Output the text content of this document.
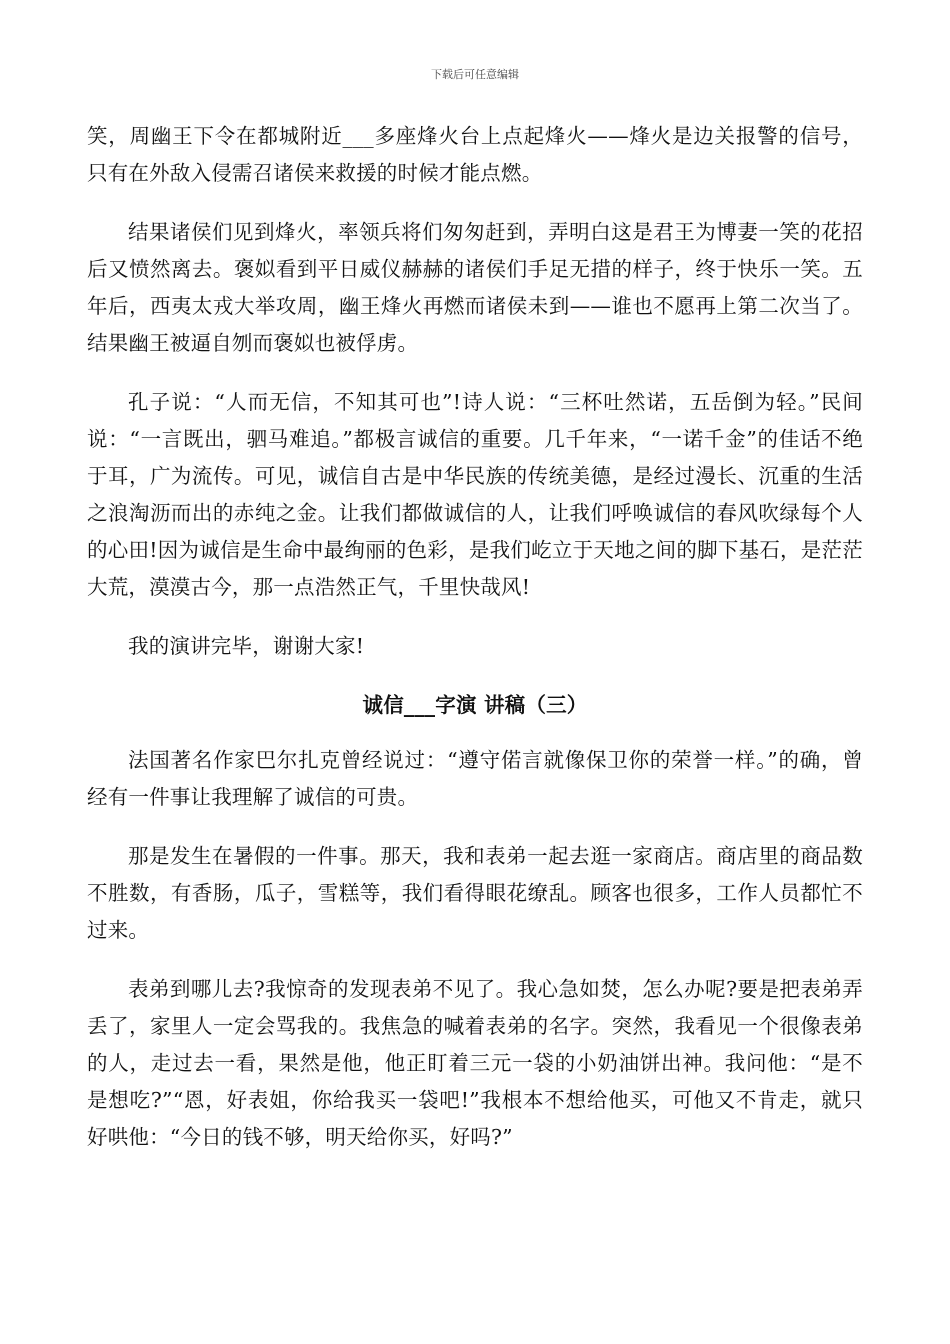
下载后可任意编辑

笑，周幽王下令在都城附近___多座烽火台上点起烽火——烽火是边关报警的信号，只有在外敌入侵需召诸侯来救援的时候才能点燃。

结果诸侯们见到烽火，率领兵将们匆匆赶到，弄明白这是君王为博妻一笑的花招后又愤然离去。褒姒看到平日威仪赫赫的诸侯们手足无措的样子，终于快乐一笑。五年后，西夷太戎大举攻周，幽王烽火再燃而诸侯未到——谁也不愿再上第二次当了。结果幽王被逼自刎而褒姒也被俘虏。

孔子说：“人而无信，不知其可也”!诗人说：“三杯吐然诺，五岳倒为轻。”民间说：“一言既出，驷马难追。”都极言诚信的重要。几千年来，“一诺千金”的佳话不绝于耳，广为流传。可见，诚信自古是中华民族的传统美德，是经过漫长、沉重的生活之浪淘沥而出的赤纯之金。让我们都做诚信的人，让我们呼唤诚信的春风吹绿每个人的心田!因为诚信是生命中最绚丽的色彩，是我们屹立于天地之间的脚下基石，是茫茫大荒，漠漠古今，那一点浩然正气，千里快哉风!

我的演讲完毕，谢谢大家!

诚信___字演 讲稿（三）

法国著名作家巴尔扎克曾经说过：“遵守偌言就像保卫你的荣誉一样。”的确，曾经有一件事让我理解了诚信的可贵。

那是发生在暑假的一件事。那天，我和表弟一起去逛一家商店。商店里的商品数不胜数，有香肠，瓜子，雪糕等，我们看得眼花缭乱。顾客也很多，工作人员都忙不过来。

表弟到哪儿去?我惊奇的发现表弟不见了。我心急如焚，怎么办呢?要是把表弟弄丢了，家里人一定会骂我的。我焦急的喊着表弟的名字。突然，我看见一个很像表弟的人，走过去一看，果然是他，他正盯着三元一袋的小奶油饼出神。我问他：“是不是想吃?”“恩，好表姐，你给我买一袋吧!”我根本不想给他买，可他又不肯走，就只好哄他：“今日的钱不够，明天给你买，好吗?”
